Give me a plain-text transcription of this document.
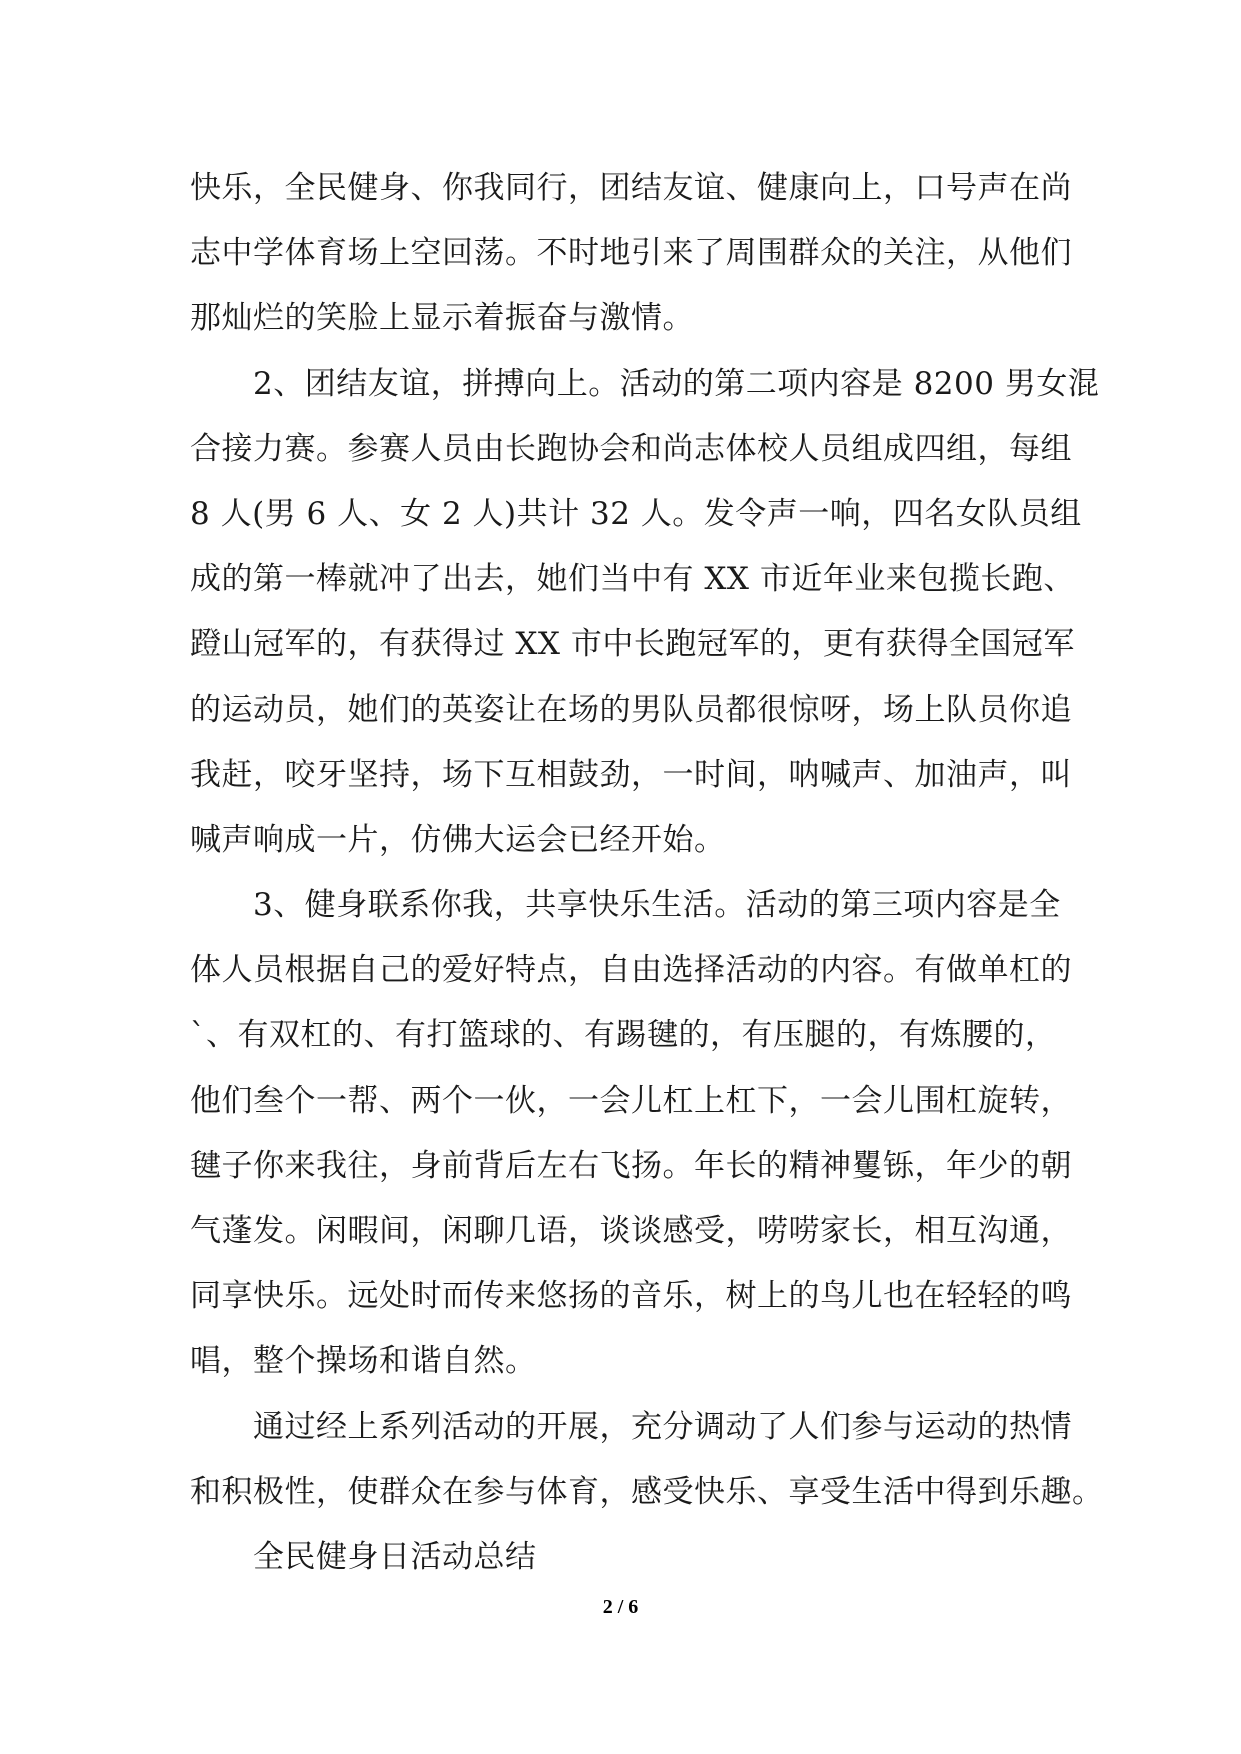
快乐，全民健身、你我同行，团结友谊、健康向上，口号声在尚
志中学体育场上空回荡。不时地引来了周围群众的关注，从他们
那灿烂的笑脸上显示着振奋与激情。
　　2、团结友谊，拼搏向上。活动的第二项内容是 8200 男女混
合接力赛。参赛人员由长跑协会和尚志体校人员组成四组，每组
8 人(男 6 人、女 2 人)共计 32 人。发令声一响，四名女队员组
成的第一棒就冲了出去，她们当中有 XX 市近年业来包揽长跑、
蹬山冠军的，有获得过 XX 市中长跑冠军的，更有获得全国冠军
的运动员，她们的英姿让在场的男队员都很惊呀，场上队员你追
我赶，咬牙坚持，场下互相鼓劲，一时间，呐喊声、加油声，叫
喊声响成一片，仿佛大运会已经开始。
　　3、健身联系你我，共享快乐生活。活动的第三项内容是全
体人员根据自己的爱好特点，自由选择活动的内容。有做单杠的
`、有双杠的、有打篮球的、有踢毽的，有压腿的，有炼腰的，
他们叁个一帮、两个一伙，一会儿杠上杠下，一会儿围杠旋转，
毽子你来我往，身前背后左右飞扬。年长的精神矍铄，年少的朝
气蓬发。闲暇间，闲聊几语，谈谈感受，唠唠家长，相互沟通，
同享快乐。远处时而传来悠扬的音乐，树上的鸟儿也在轻轻的鸣
唱，整个操场和谐自然。
　　通过经上系列活动的开展，充分调动了人们参与运动的热情
和积极性，使群众在参与体育，感受快乐、享受生活中得到乐趣。
　　全民健身日活动总结
2 / 6
